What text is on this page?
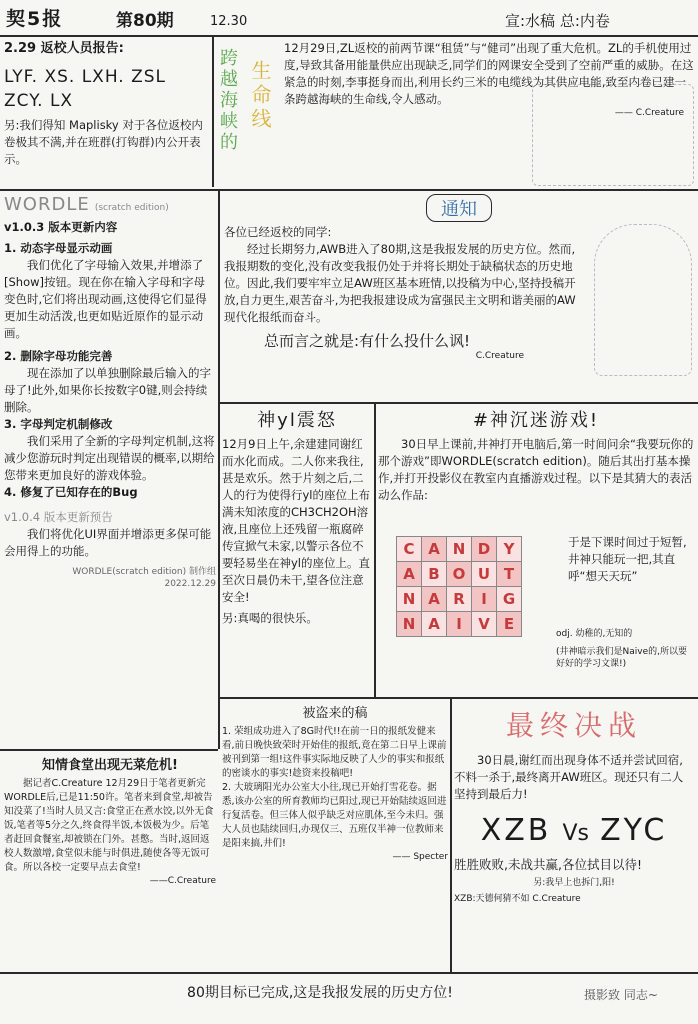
契5报	第80期	12.30	宣:水稿 总:内卷
2.29 返校人员报告:
LYF. XS. LXH. ZSL
ZCY. LX
另:我们得知 Maplisky 对于各位返校内卷极其不满,并在班群(打钩群)内公开表示。
跨越海峡的 生命线
12月29日,ZL返校的前两节课“租赁”与“健司”出现了重大危机。ZL的手机使用过度,导致其备用能量供应出现缺乏,同学们的网课安全受到了空前严重的威胁。在这紧急的时刻,李事挺身而出,利用长约三米的电缆线为其供应电能,致至内卷已建一条跨越海峡的生命线,令人感动。
—— C.Creature
WORDLE (scratch edition)
v1.0.3 版本更新内容
1. 动态字母显示动画
我们优化了字母输入效果,并增添了[Show]按钮。现在你在输入字母和字母变色时,它们将出现动画,这使得它们显得更加生动活泼,也更如贴近原作的显示动画。
2. 删除字母功能完善
现在添加了以单独删除最后输入的字母了!此外,如果你长按数字0键,则会持续删除。
3. 字母判定机制修改
我们采用了全新的字母判定机制,这将减少您游玩时判定出现错误的概率,以期给您带来更加良好的游戏体验。
4. 修复了已知存在的Bug
v1.0.4 版本更新预告
我们将优化UI界面并增添更多保可能会用得上的功能。
WORDLE(scratch edition) 制作组
2022.12.29
通知
各位已经返校的同学:
经过长期努力,AWB进入了80期,这是我报发展的历史方位。然而,我报期数的变化,没有改变我报仍处于并将长期处于缺稿状态的历史地位。因此,我们要牢牢立足AW班区基本班情,以投稿为中心,坚持投稿开放,自力更生,艰苦奋斗,为把我报建设成为富强民主文明和谐美丽的AW现代化报纸而奋斗。
总而言之就是:有什么投什么讽!
C.Creature
神yl震怒
12月9日上午,余建建同谢红而水化而成。二人你来我往,甚是欢乐。然于片刻之后,二人的行为使得行yl的座位上布满未知浓度的CH3CH2OH溶液,且座位上还残留一瓶腐碎传宣掀气未家,以警示各位不要轻易坐在神yl的座位上。直至次日晨仍未干,望各位注意安全!
另:真喝的很快乐。
#神沉迷游戏!
30日早上课前,井神打开电脑后,第一时间问余“我要玩你的那个游戏”即WORDLE(scratch edition)。随后其出打基本操作,并打开投影仪在教室内直播游戏过程。以下是其猜大的表活动么作品:
C	A	N	D	Y
A	B	O	U	T
N	A	R	I	G
N	A	I	V	E
于是下课时间过于短暂,井神只能玩一把,其直呼“想天天玩”
odj. 幼稚的,无知的
(井神暗示我们是Naive的,所以要好好的学习文课!)
知情食堂出现无菜危机!
据记者C.Creature 12月29日于笔者更新完WORDLE后,已是11:50许。笔者来到食堂,却被告知没菜了!当时人员又言:食堂正在煮水饺,以外无食饭,笔者等5分之久,终食得半饭,本饭极为少。后笔者赶回食餐室,却被锁在门外。甚憋。当时,返回返校人数激增,食堂似未能与时俱进,随使各等无饭可食。所以各校一定要早点去食堂!
——C.Creature
被盗来的稿
1. 荣组成功进入了8G时代!!在前一日的报纸发健来看,前日晚快致荣时开始佳的报纸,竟在第二日早上课前被刊到第一组!这件事实际地反映了人少的事实和报纸的密谈水的事实!趁资来投稿吧!
2. 大玻璃阳光办公室大小往,现已开始打雪花卷。据悉,该办公室的所育教师均已阳过,现已开始陆续返回进行复活卷。但三体人似乎缺乏对应肌体,至今未归。强大人员也陆续回归,办现仅三、五班仅半神一位教师来是阳来搞,井们!
—— Specter
最终决战
30日晨,谢红而出现身体不适并尝试回宿,不料一杀于,最终离开AW班区。现还只有二人坚持到最后力!
XZB Vs ZYC
胜胜败败,未战共赢,各位拭目以待!
另:我早上也拆门,阳!
XZB:天德何猜不如 C.Creature
80期目标已完成,这是我报发展的历史方位!	摄影致 同志~
